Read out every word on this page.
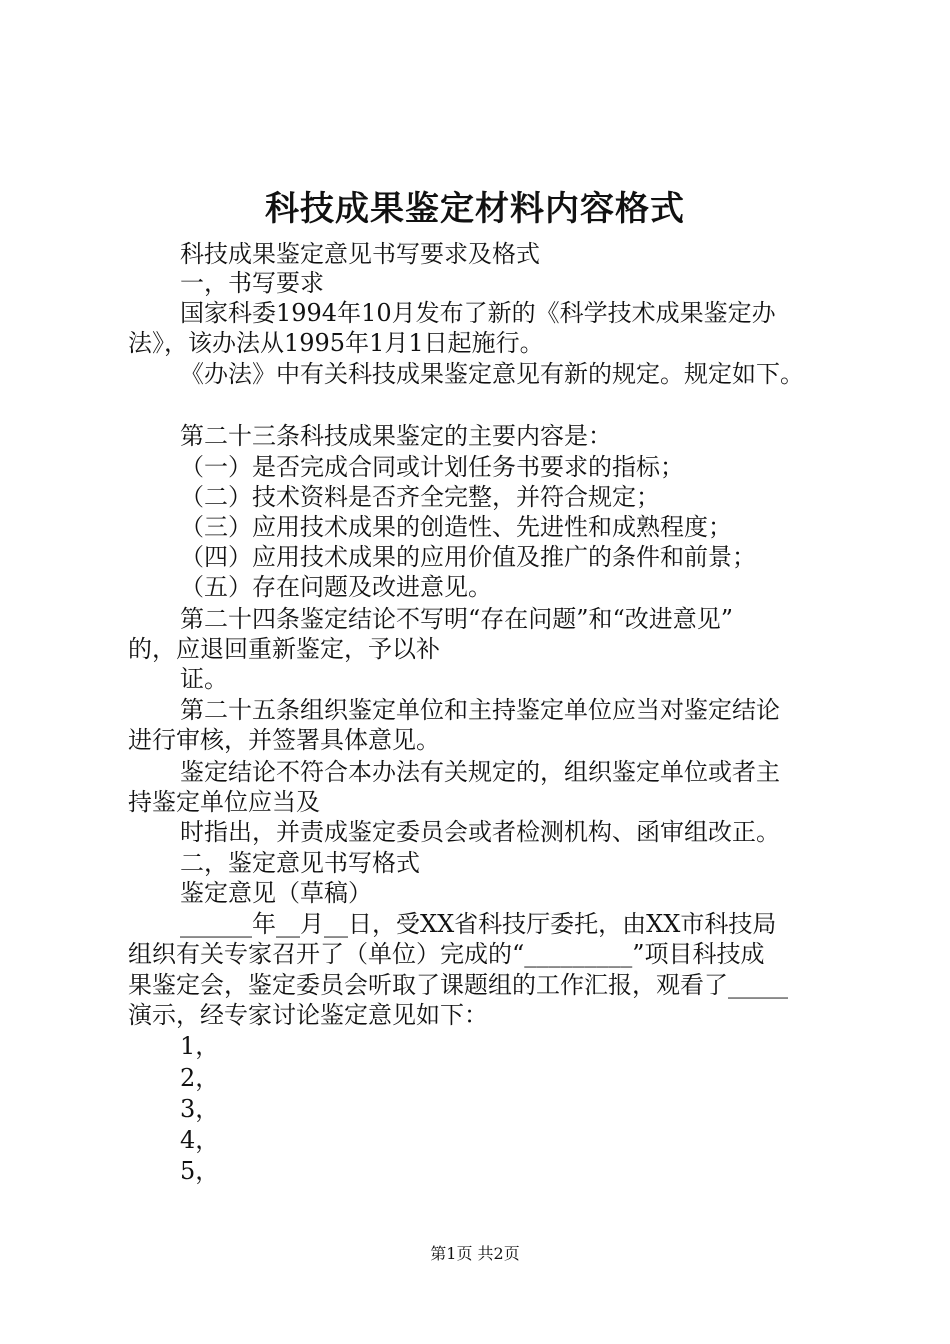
科技成果鉴定材料内容格式
科技成果鉴定意见书写要求及格式
一，书写要求
国家科委1994年10月发布了新的《科学技术成果鉴定办
法》，该办法从1995年1月1日起施行。
《办法》中有关科技成果鉴定意见有新的规定。规定如下。
第二十三条科技成果鉴定的主要内容是：
（一）是否完成合同或计划任务书要求的指标；
（二）技术资料是否齐全完整，并符合规定；
（三）应用技术成果的创造性、先进性和成熟程度；
（四）应用技术成果的应用价值及推广的条件和前景；
（五）存在问题及改进意见。
第二十四条鉴定结论不写明“存在问题”和“改进意见”
的，应退回重新鉴定，予以补
证。
第二十五条组织鉴定单位和主持鉴定单位应当对鉴定结论
进行审核，并签署具体意见。
鉴定结论不符合本办法有关规定的，组织鉴定单位或者主
持鉴定单位应当及
时指出，并责成鉴定委员会或者检测机构、函审组改正。
二，鉴定意见书写格式
鉴定意见（草稿）
______年__月__日，受XX省科技厅委托，由XX市科技局
组织有关专家召开了（单位）完成的“_________”项目科技成
果鉴定会，鉴定委员会听取了课题组的工作汇报，观看了_____
演示，经专家讨论鉴定意见如下：
1，
2，
3，
4，
5，
第1页 共2页
